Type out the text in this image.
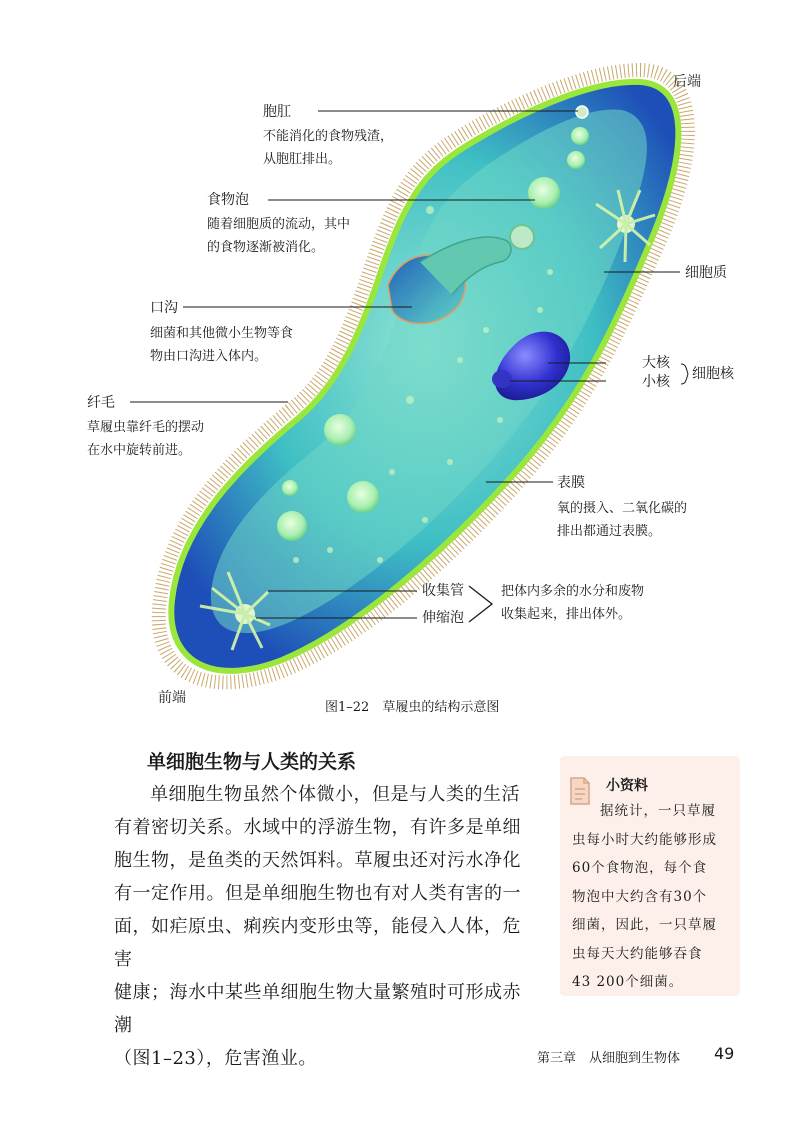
后端
胞肛
不能消化的食物残渣，
从胞肛排出。
食物泡
随着细胞质的流动，其中
的食物逐渐被消化。
口沟
细菌和其他微小生物等食
物由口沟进入体内。
纤毛
草履虫靠纤毛的摆动
在水中旋转前进。
细胞质
大核
小核 细胞核
表膜
氧的摄入、二氧化碳的
排出都通过表膜。
收集管
伸缩泡
把体内多余的水分和废物
收集起来，排出体外。
前端
图1–22　草履虫的结构示意图
单细胞生物与人类的关系

单细胞生物虽然个体微小，但是与人类的生活

有着密切关系。水域中的浮游生物，有许多是单细

胞生物，是鱼类的天然饵料。草履虫还对污水净化

有一定作用。但是单细胞生物也有对人类有害的一

面，如疟原虫、痢疾内变形虫等，能侵入人体，危害

健康；海水中某些单细胞生物大量繁殖时可形成赤潮

（图1–23），危害渔业。

小资料

据统计，一只草履

虫每小时大约能够形成

60个食物泡，每个食

物泡中大约含有30个

细菌，因此，一只草履

虫每天大约能够吞食

43 200个细菌。

第三章　从细胞到生物体 49
